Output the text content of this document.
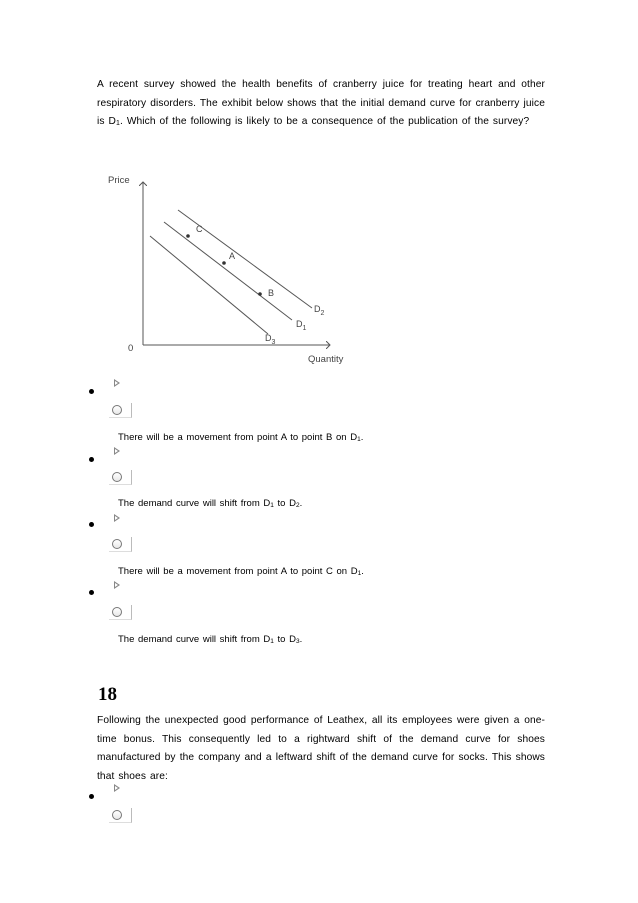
A recent survey showed the health benefits of cranberry juice for treating heart and other respiratory disorders. The exhibit below shows that the initial demand curve for cranberry juice is $D_1$. Which of the following is likely to be a consequence of the publication of the survey?
Price
Quantity
0
C
A
B
$D_2$
$D_1$
$D_3$
There will be a movement from point A to point B on $D_1$.
The demand curve will shift from $D_1$ to $D_2$.
There will be a movement from point A to point C on $D_1$.
The demand curve will shift from $D_1$ to $D_3$.
18
Following the unexpected good performance of Leathex, all its employees were given a one-time bonus. This consequently led to a rightward shift of the demand curve for shoes manufactured by the company and a leftward shift of the demand curve for socks. This shows that shoes are:
